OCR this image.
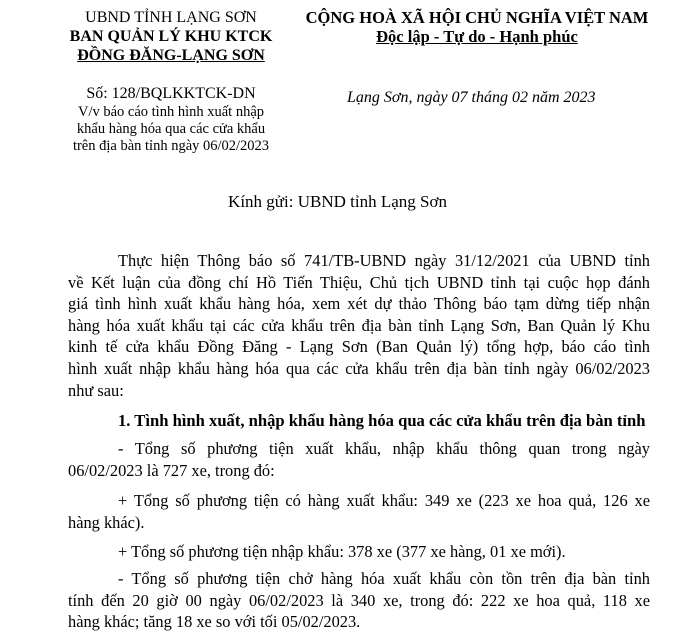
UBND TỈNH LẠNG SƠN
BAN QUẢN LÝ KHU KTCK
ĐỒNG ĐĂNG-LẠNG SƠN
Số: 128/BQLKKTCK-DN
V/v báo cáo tình hình xuất nhập
khẩu hàng hóa qua các cửa khẩu
trên địa bàn tỉnh ngày 06/02/2023
CỘNG HOÀ XÃ HỘI CHỦ NGHĨA VIỆT NAM
Độc lập - Tự do - Hạnh phúc
Lạng Sơn, ngày 07 tháng 02 năm 2023
Kính gửi: UBND tỉnh Lạng Sơn
Thực hiện Thông báo số 741/TB-UBND ngày 31/12/2021 của UBND tỉnh
về Kết luận của đồng chí Hồ Tiến Thiệu, Chủ tịch UBND tỉnh tại cuộc họp đánh
giá tình hình xuất khẩu hàng hóa, xem xét dự thảo Thông báo tạm dừng tiếp nhận
hàng hóa xuất khẩu tại các cửa khẩu trên địa bàn tỉnh Lạng Sơn, Ban Quản lý Khu
kinh tế cửa khẩu Đồng Đăng - Lạng Sơn (Ban Quản lý) tổng hợp, báo cáo tình
hình xuất nhập khẩu hàng hóa qua các cửa khẩu trên địa bàn tỉnh ngày 06/02/2023
như sau:
1. Tình hình xuất, nhập khẩu hàng hóa qua các cửa khẩu trên địa bàn tỉnh
- Tổng số phương tiện xuất khẩu, nhập khẩu thông quan trong ngày
06/02/2023 là 727 xe, trong đó:
+ Tổng số phương tiện có hàng xuất khẩu: 349 xe (223 xe hoa quả, 126 xe
hàng khác).
+ Tổng số phương tiện nhập khẩu: 378 xe (377 xe hàng, 01 xe mới).
- Tổng số phương tiện chở hàng hóa xuất khẩu còn tồn trên địa bàn tỉnh
tính đến 20 giờ 00 ngày 06/02/2023 là 340 xe, trong đó: 222 xe hoa quả, 118 xe
hàng khác; tăng 18 xe so với tối 05/02/2023.
